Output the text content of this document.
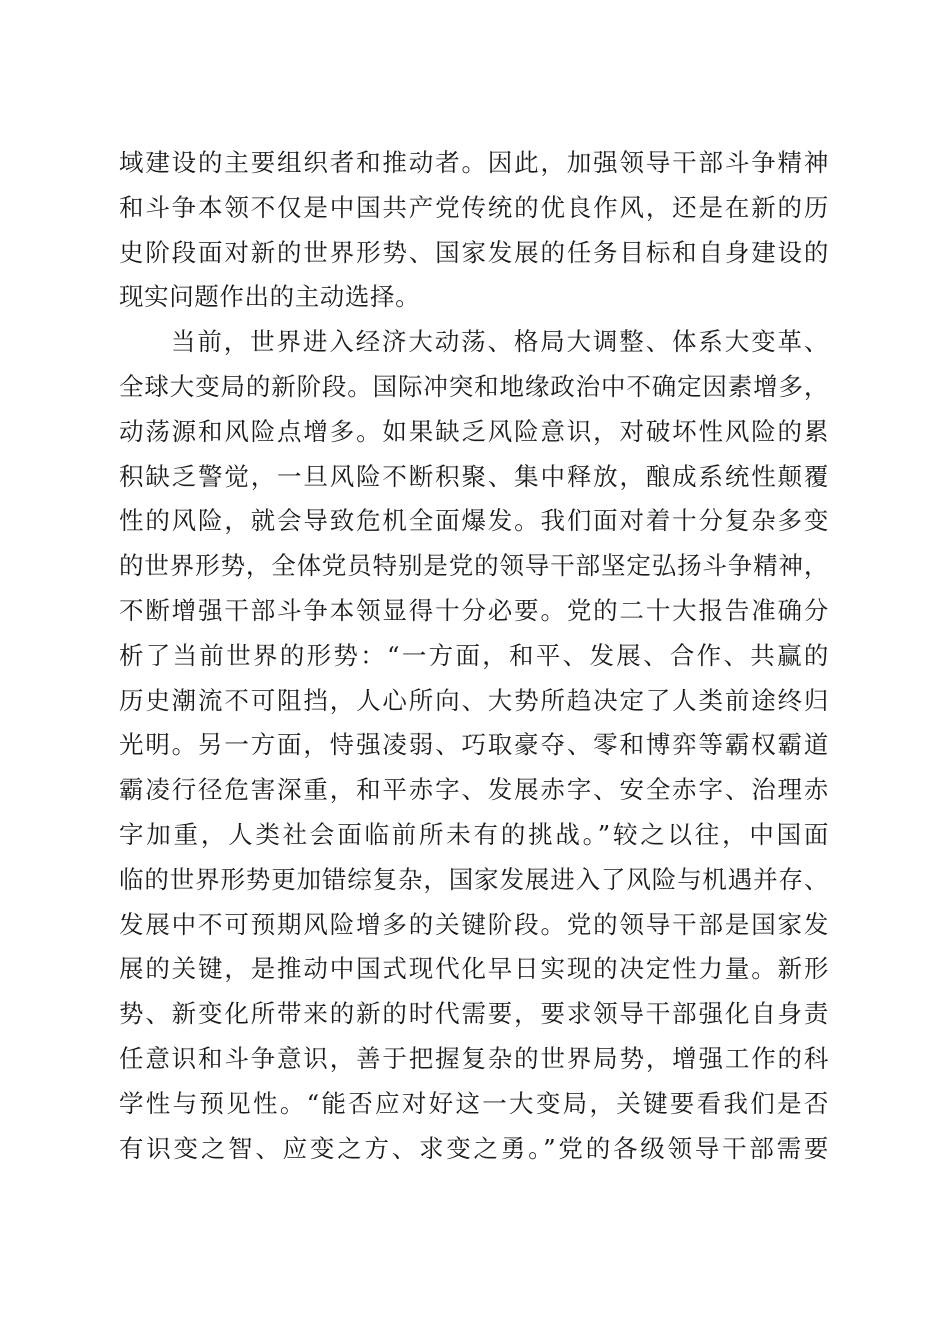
域建设的主要组织者和推动者。因此，加强领导干部斗争精神
和斗争本领不仅是中国共产党传统的优良作风，还是在新的历
史阶段面对新的世界形势、国家发展的任务目标和自身建设的
现实问题作出的主动选择。
当前，世界进入经济大动荡、格局大调整、体系大变革、
全球大变局的新阶段。国际冲突和地缘政治中不确定因素增多，
动荡源和风险点增多。如果缺乏风险意识，对破坏性风险的累
积缺乏警觉，一旦风险不断积聚、集中释放，酿成系统性颠覆
性的风险，就会导致危机全面爆发。我们面对着十分复杂多变
的世界形势，全体党员特别是党的领导干部坚定弘扬斗争精神，
不断增强干部斗争本领显得十分必要。党的二十大报告准确分
析了当前世界的形势：“一方面，和平、发展、合作、共赢的
历史潮流不可阻挡，人心所向、大势所趋决定了人类前途终归
光明。另一方面，恃强凌弱、巧取豪夺、零和博弈等霸权霸道
霸凌行径危害深重，和平赤字、发展赤字、安全赤字、治理赤
字加重，人类社会面临前所未有的挑战。”较之以往，中国面
临的世界形势更加错综复杂，国家发展进入了风险与机遇并存、
发展中不可预期风险增多的关键阶段。党的领导干部是国家发
展的关键，是推动中国式现代化早日实现的决定性力量。新形
势、新变化所带来的新的时代需要，要求领导干部强化自身责
任意识和斗争意识，善于把握复杂的世界局势，增强工作的科
学性与预见性。“能否应对好这一大变局，关键要看我们是否
有识变之智、应变之方、求变之勇。”党的各级领导干部需要
